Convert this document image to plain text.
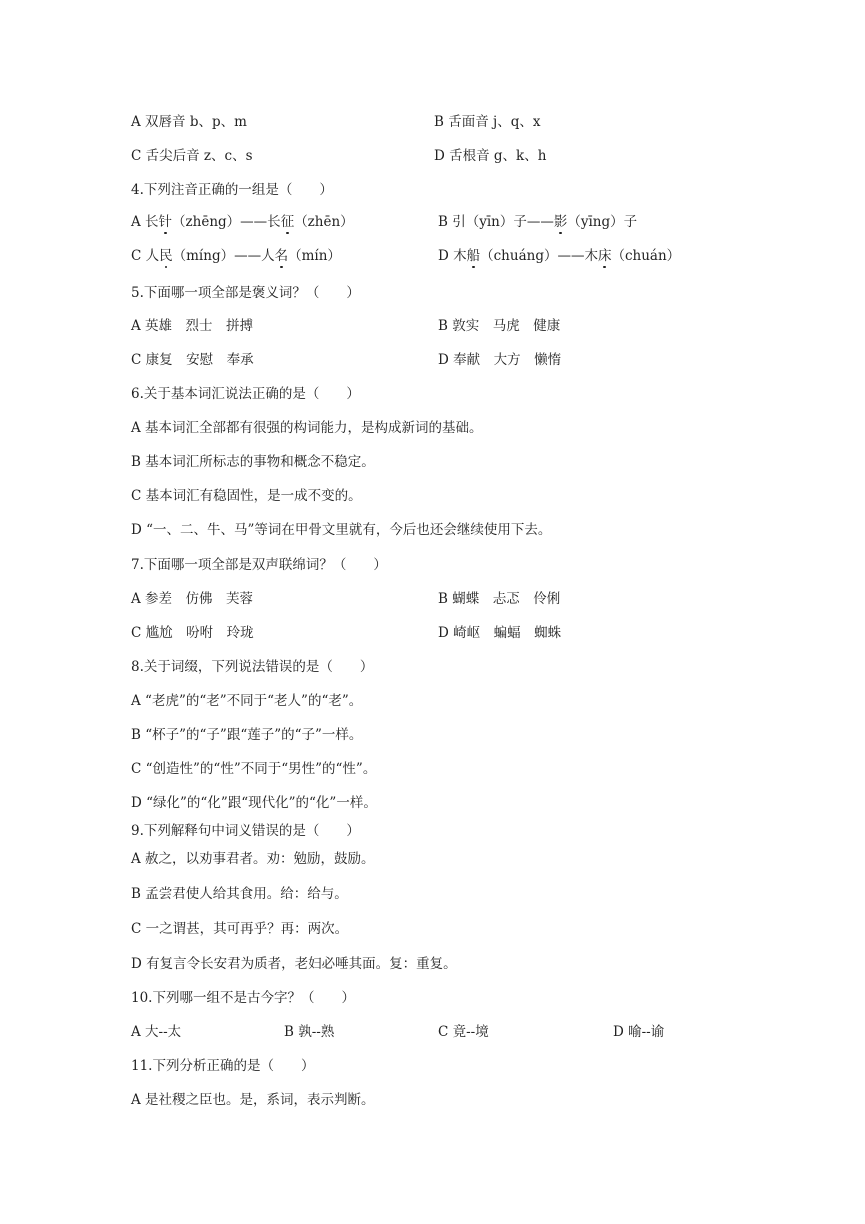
A 双唇音 b、p、m	B 舌面音 j、q、x
C 舌尖后音 z、c、s	D 舌根音 g、k、h
4.下列注音正确的一组是（　　）
A 长针（zhēng）——长征（zhēn）	B 引（yīn）子——影（yīng）子
C 人民（míng）——人名（mín）	D 木船（chuáng）——木床（chuán）
5.下面哪一项全部是褒义词？（　　）
A 英雄　烈士　拼搏	B 敦实　马虎　健康
C 康复　安慰　奉承	D 奉献　大方　懒惰
6.关于基本词汇说法正确的是（　　）
A 基本词汇全部都有很强的构词能力，是构成新词的基础。
B 基本词汇所标志的事物和概念不稳定。
C 基本词汇有稳固性，是一成不变的。
D “一、二、牛、马”等词在甲骨文里就有，今后也还会继续使用下去。
7.下面哪一项全部是双声联绵词？（　　）
A 参差　仿佛　芙蓉	B 蝴蝶　忐忑　伶俐
C 尴尬　吩咐　玲珑	D 崎岖　蝙蝠　蜘蛛
8.关于词缀，下列说法错误的是（　　）
A “老虎”的“老”不同于“老人”的“老”。
B “杯子”的“子”跟“莲子”的“子”一样。
C “创造性”的“性”不同于“男性”的“性”。
D “绿化”的“化”跟“现代化”的“化”一样。
9.下列解释句中词义错误的是（　　）
A 赦之，以劝事君者。劝：勉励，鼓励。
B 孟尝君使人给其食用。给：给与。
C 一之谓甚，其可再乎？再：两次。
D 有复言令长安君为质者，老妇必唾其面。复：重复。
10.下列哪一组不是古今字？（　　）
A 大--太	B 孰--熟	C 竟--境	D 喻--谕
11.下列分析正确的是（　　）
A 是社稷之臣也。是，系词，表示判断。
